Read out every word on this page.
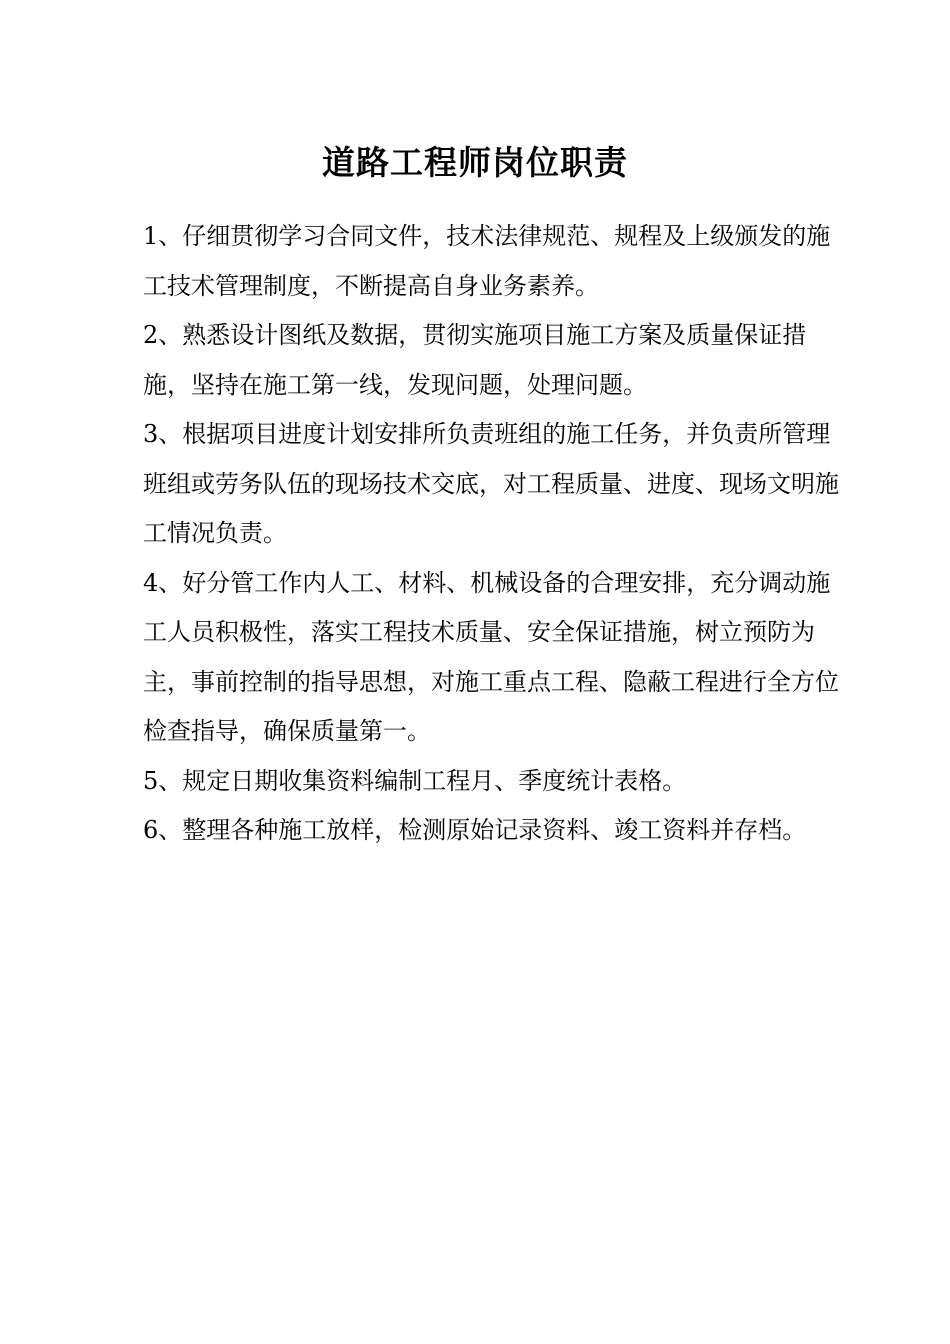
道路工程师岗位职责

1、仔细贯彻学习合同文件，技术法律规范、规程及上级颁发的施工技术管理制度，不断提高自身业务素养。

2、熟悉设计图纸及数据，贯彻实施项目施工方案及质量保证措施，坚持在施工第一线，发现问题，处理问题。

3、根据项目进度计划安排所负责班组的施工任务，并负责所管理班组或劳务队伍的现场技术交底，对工程质量、进度、现场文明施工情况负责。

4、好分管工作内人工、材料、机械设备的合理安排，充分调动施工人员积极性，落实工程技术质量、安全保证措施，树立预防为主，事前控制的指导思想，对施工重点工程、隐蔽工程进行全方位检查指导，确保质量第一。

5、规定日期收集资料编制工程月、季度统计表格。

6、整理各种施工放样，检测原始记录资料、竣工资料并存档。
